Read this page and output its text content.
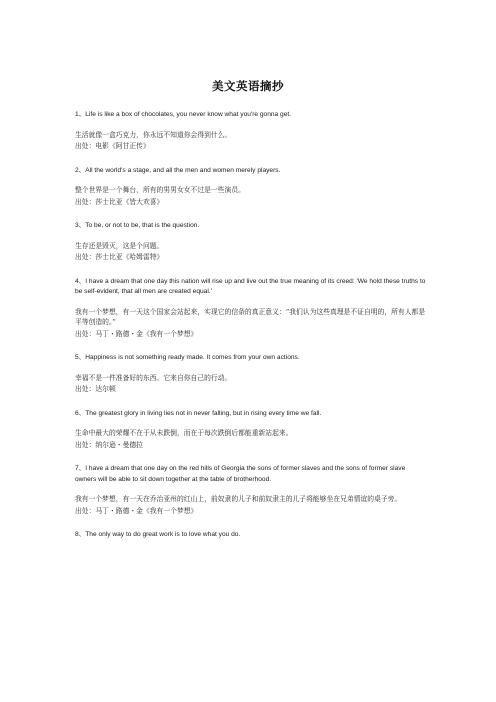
美文英语摘抄

1、Life is like a box of chocolates, you never know what you're gonna get.

生活就像一盒巧克力，你永远不知道你会得到什么。

出处：电影《阿甘正传》

2、All the world's a stage, and all the men and women merely players.

整个世界是一个舞台，所有的男男女女不过是一些演员。

出处：莎士比亚《皆大欢喜》

3、To be, or not to be, that is the question.

生存还是毁灭，这是个问题。

出处：莎士比亚《哈姆雷特》

4、I have a dream that one day this nation will rise up and live out the true meaning of its creed: 'We hold these truths to be self-evident, that all men are created equal.'

我有一个梦想，有一天这个国家会站起来，实现它的信条的真正意义：“我们认为这些真理是不证自明的，所有人都是平等创造的。”

出处：马丁・路德・金《我有一个梦想》

5、Happiness is not something ready made. It comes from your own actions.

幸福不是一件准备好的东西。它来自你自己的行动。

出处：达尔顿

6、The greatest glory in living lies not in never falling, but in rising every time we fall.

生命中最大的荣耀不在于从未跌倒，而在于每次跌倒后都能重新站起来。

出处：纳尔逊・曼德拉

7、I have a dream that one day on the red hills of Georgia the sons of former slaves and the sons of former slave owners will be able to sit down together at the table of brotherhood.

我有一个梦想，有一天在乔治亚州的红山上，前奴隶的儿子和前奴隶主的儿子将能够坐在兄弟情谊的桌子旁。

出处：马丁・路德・金《我有一个梦想》

8、The only way to do great work is to love what you do.
